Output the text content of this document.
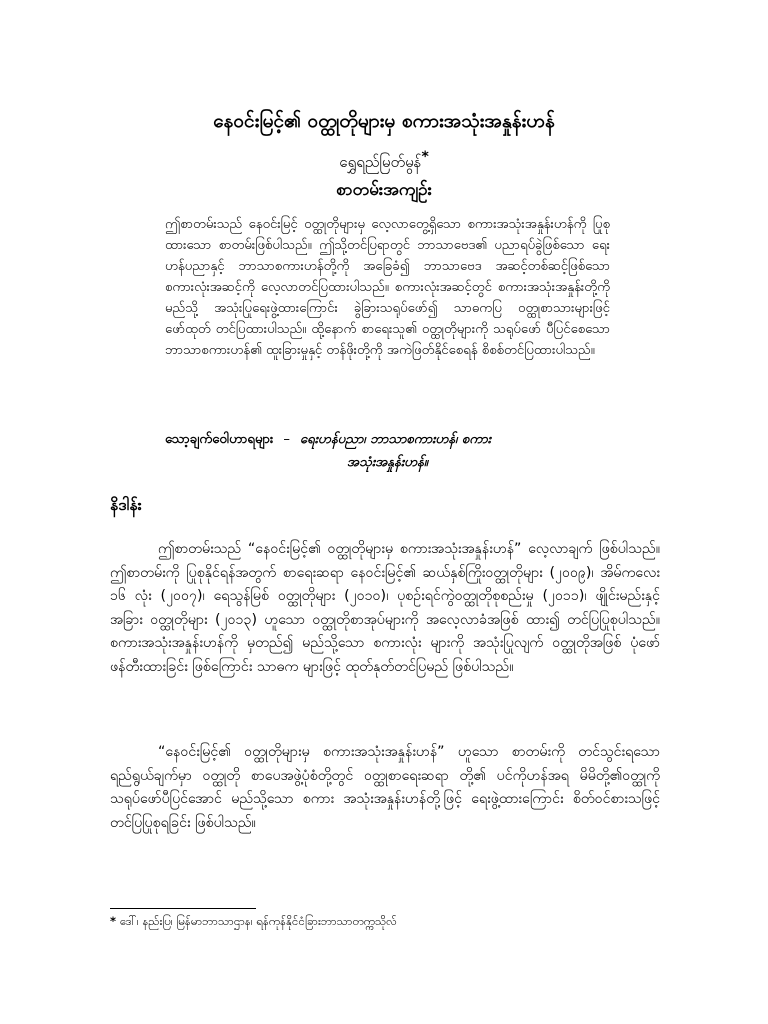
နေဝင်းမြင့်၏ ဝတ္ထုတိုများမှ စကားအသုံးအနှုန်းဟန်
ရွှေရည်မြတ်မွန်*
စာတမ်းအကျဉ်း
ဤစာတမ်းသည် နေဝင်းမြင့် ဝတ္ထုတိုများမှ လေ့လာတွေ့ရှိသော စကားအသုံးအနှုန်းဟန်ကို ပြုစုထားသော စာတမ်းဖြစ်ပါသည်။ ဤသို့တင်ပြရာတွင် ဘာသာဗေဒ၏ ပညာရပ်ခွဲဖြစ်သော ရေးဟန်ပညာနှင့် ဘာသာစကားဟန်တို့ကို အခြေခံ၍ ဘာသာဗေဒ အဆင့်တစ်ဆင့်ဖြစ်သော စကားလုံးအဆင့်ကို လေ့လာတင်ပြထားပါသည်။ စကားလုံးအဆင့်တွင် စကားအသုံးအနှုန်းတို့ကို မည်သို့ အသုံးပြုရေးဖွဲ့ထားကြောင်း ခွဲခြားသရုပ်ဖော်၍ သာဓကပြ ဝတ္ထုစာသားများဖြင့် ဖော်ထုတ် တင်ပြထားပါသည်။ ထို့နောက် စာရေးသူ၏ ဝတ္ထုတိုများကို သရုပ်ဖော် ပီပြင်စေသော ဘာသာစကားဟန်၏ ထူးခြားမှုနှင့် တန်ဖိုးတို့ကို အကဲဖြတ်နိုင်စေရန် စိစစ်တင်ပြထားပါသည်။
သော့ချက်ဝေါဟာရများ – ရေးဟန်ပညာ၊ ဘာသာစကားဟန်၊ စကား
အသုံးအနှုန်းဟန်။
နိဒါန်း
ဤစာတမ်းသည် “နေဝင်းမြင့်၏ ဝတ္ထုတိုများမှ စကားအသုံးအနှုန်းဟန်” လေ့လာချက် ဖြစ်ပါသည်။ ဤစာတမ်းကို ပြုစုနိုင်ရန်အတွက် စာရေးဆရာ နေဝင်းမြင့်၏ ဆယ်နှစ်ကြိုးဝတ္ထုတိုများ (၂၀၀၉)၊ အိမ်ကလေး ၁၆ လုံး (၂၀၀၇)၊ ရေသွန်မြစ် ဝတ္ထုတိုများ (၂၀၁၀)၊ ပုစဉ်းရင်ကွဲဝတ္ထုတိုစုစည်းမှု (၂၀၁၁)၊ ဖျိုင်းမည်းနှင့် အခြား ဝတ္ထုတိုများ (၂၀၁၃) ဟူသော ဝတ္ထုတိုစာအုပ်များကို အလေ့လာခံအဖြစ် ထား၍ တင်ပြပြုစုပါသည်။ စကားအသုံးအနှုန်းဟန်ကို မှတည်၍ မည်သို့သော စကားလုံး များကို အသုံးပြုလျက် ဝတ္ထုတိုအဖြစ် ပုံဖော်ဖန်တီးထားခြင်း ဖြစ်ကြောင်း သာဓက များဖြင့် ထုတ်နုတ်တင်ပြမည် ဖြစ်ပါသည်။
“နေဝင်းမြင့်၏ ဝတ္ထုတိုများမှ စကားအသုံးအနှုန်းဟန်” ဟူသော စာတမ်းကို တင်သွင်းရသော ရည်ရွယ်ချက်မှာ ဝတ္ထုတို စာပေအဖွဲ့ပုံစံတို့တွင် ဝတ္ထုစာရေးဆရာ တို့၏ ပင်ကိုဟန်အရ မိမိတို့၏ဝတ္ထုကို သရုပ်ဖော်ပီပြင်အောင် မည်သို့သော စကား အသုံးအနှုန်းဟန်တို့ဖြင့် ရေးဖွဲ့ထားကြောင်း စိတ်ဝင်စားသဖြင့် တင်ပြပြုစုရခြင်း ဖြစ်ပါသည်။
* ဒေါ်၊ နည်းပြ၊ မြန်မာဘာသာဌာန၊ ရန်ကုန်နိုင်ငံခြားဘာသာတက္ကသိုလ်
